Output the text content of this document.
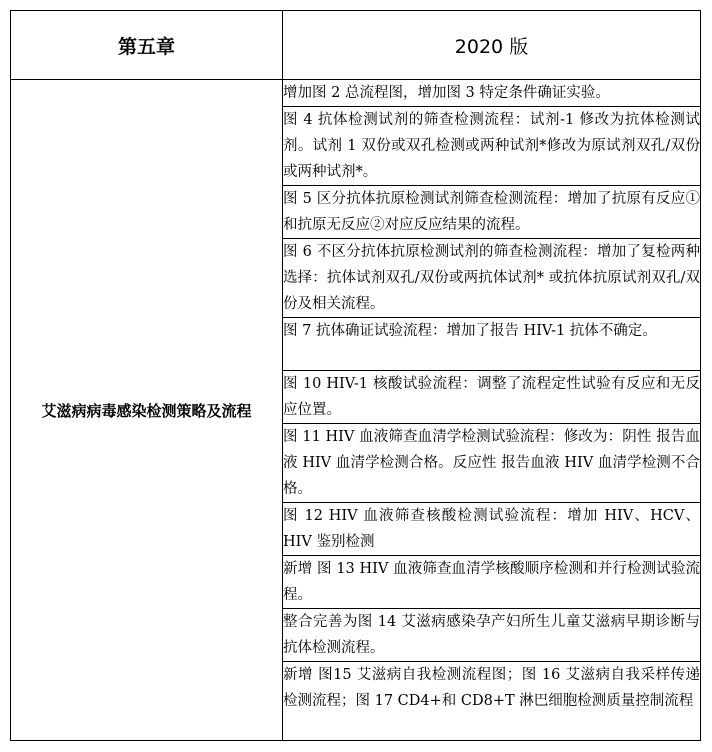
第五章	2020 版
艾滋病病毒感染检测策略及流程	增加图 2 总流程图，增加图 3 特定条件确证实验。
	图 4 抗体检测试剂的筛查检测流程：试剂-1 修改为抗体检测试剂。试剂 1 双份或双孔检测或两种试剂*修改为原试剂双孔/双份或两种试剂*。
	图 5 区分抗体抗原检测试剂筛查检测流程：增加了抗原有反应①和抗原无反应②对应反应结果的流程。
	图 6 不区分抗体抗原检测试剂的筛查检测流程：增加了复检两种选择：抗体试剂双孔/双份或两抗体试剂* 或抗体抗原试剂双孔/双份及相关流程。
	图 7 抗体确证试验流程：增加了报告 HIV-1 抗体不确定。
	图 10 HIV-1 核酸试验流程：调整了流程定性试验有反应和无反应位置。
	图 11 HIV 血液筛查血清学检测试验流程：修改为：阴性 报告血液 HIV 血清学检测合格。反应性 报告血液 HIV 血清学检测不合格。
	图 12 HIV 血液筛查核酸检测试验流程：增加 HIV、HCV、HIV 鉴别检测
	新增 图 13 HIV 血液筛查血清学核酸顺序检测和并行检测试验流程。
	整合完善为图 14 艾滋病感染孕产妇所生儿童艾滋病早期诊断与抗体检测流程。
	新增 图15 艾滋病自我检测流程图；图 16 艾滋病自我采样传递检测流程；图 17 CD4+和 CD8+T 淋巴细胞检测质量控制流程
